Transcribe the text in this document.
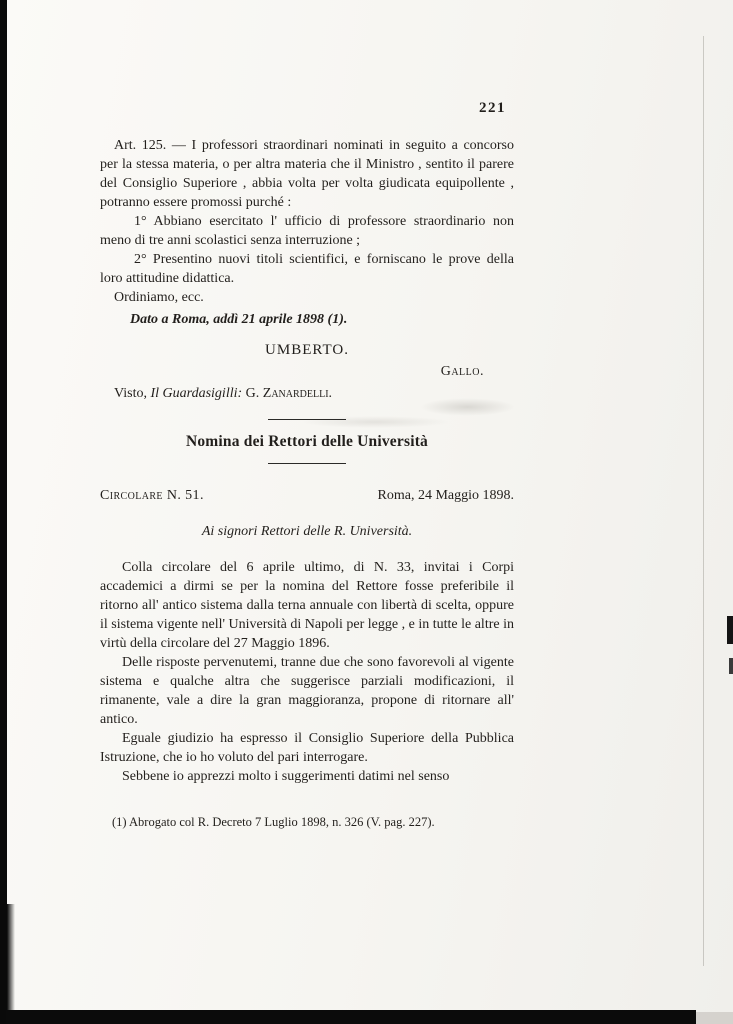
221

Art. 125. — I professori straordinari nominati in seguito a concorso per la stessa materia, o per altra materia che il Ministro , sentito il parere del Consiglio Superiore , abbia volta per volta giudicata equipollente , potranno essere promossi purché :

1° Abbiano esercitato l' ufficio di professore straordinario non meno di tre anni scolastici senza interruzione ;

2° Presentino nuovi titoli scientifici, e forniscano le prove della loro attitudine didattica.

Ordiniamo, ecc.

Dato a Roma, addì 21 aprile 1898 (1).

UMBERTO.

Gallo.

Visto, Il Guardasigilli: G. Zanardelli.

Nomina dei Rettori delle Università
Circolare N. 51.	Roma, 24 Maggio 1898.

Ai signori Rettori delle R. Università.

Colla circolare del 6 aprile ultimo, di N. 33, invitai i Corpi accademici a dirmi se per la nomina del Rettore fosse preferibile il ritorno all' antico sistema dalla terna annuale con libertà di scelta, oppure il sistema vigente nell' Università di Napoli per legge , e in tutte le altre in virtù della circolare del 27 Maggio 1896.

Delle risposte pervenutemi, tranne due che sono favorevoli al vigente sistema e qualche altra che suggerisce parziali modificazioni, il rimanente, vale a dire la gran maggioranza, propone di ritornare all' antico.

Eguale giudizio ha espresso il Consiglio Superiore della Pubblica Istruzione, che io ho voluto del pari interrogare.

Sebbene io apprezzi molto i suggerimenti datimi nel senso

(1) Abrogato col R. Decreto 7 Luglio 1898, n. 326 (V. pag. 227).
